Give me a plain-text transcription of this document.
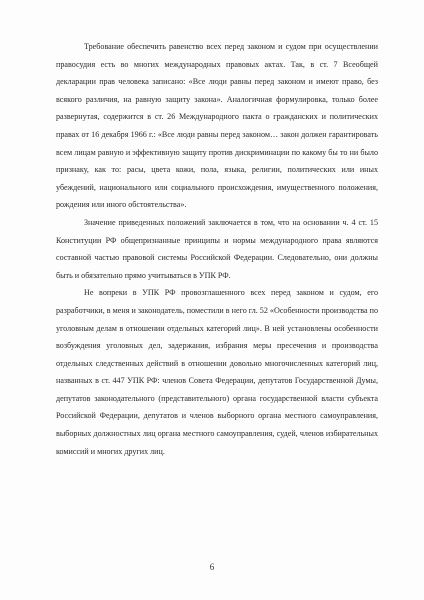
Требование обеспечить равенство всех перед законом и судом при осуществлении правосудия есть во многих международных правовых актах. Так, в ст. 7 Всеобщей декларации прав человека записано: «Все люди равны перед законом и имеют право, без всякого различия, на равную защиту закона». Аналогичная формулировка, только более развернутая, содержится в ст. 26 Международного пакта о гражданских и политических правах от 16 декабря 1966 г.: «Все люди равны перед законом… закон должен гарантировать всем лицам равную и эффективную защиту против дискриминации по какому бы то ни было признаку, как то: расы, цвета кожи, пола, языка, религии, политических или иных убеждений, национального или социального происхождения, имущественного положения, рождения или иного обстоятельства».

Значение приведенных положений заключается в том, что на основании ч. 4 ст. 15 Конституции РФ общепризнанные принципы и нормы международного права являются составной частью правовой системы Российской Федерации. Следовательно, они должны быть и обязательно прямо учитываться в УПК РФ.

Не вопреки в УПК РФ провозглашенного всех перед законом и судом, его разработчики, в меня и законодатель, поместили в него гл. 52 «Особенности производства по уголовным делам в отношении отдельных категорий лиц». В ней установлены особенности возбуждения уголовных дел, задержания, избрания меры пресечения и производства отдельных следственных действий в отношении довольно многочисленных категорий лиц, названных в ст. 447 УПК РФ: членов Совета Федерации, депутатов Государственной Думы, депутатов законодательного (представительного) органа государственной власти субъекта Российской Федерации, депутатов и членов выборного органа местного самоуправления, выборных должностных лиц органа местного самоуправления, судей, членов избирательных комиссий и многих других лиц.

6
